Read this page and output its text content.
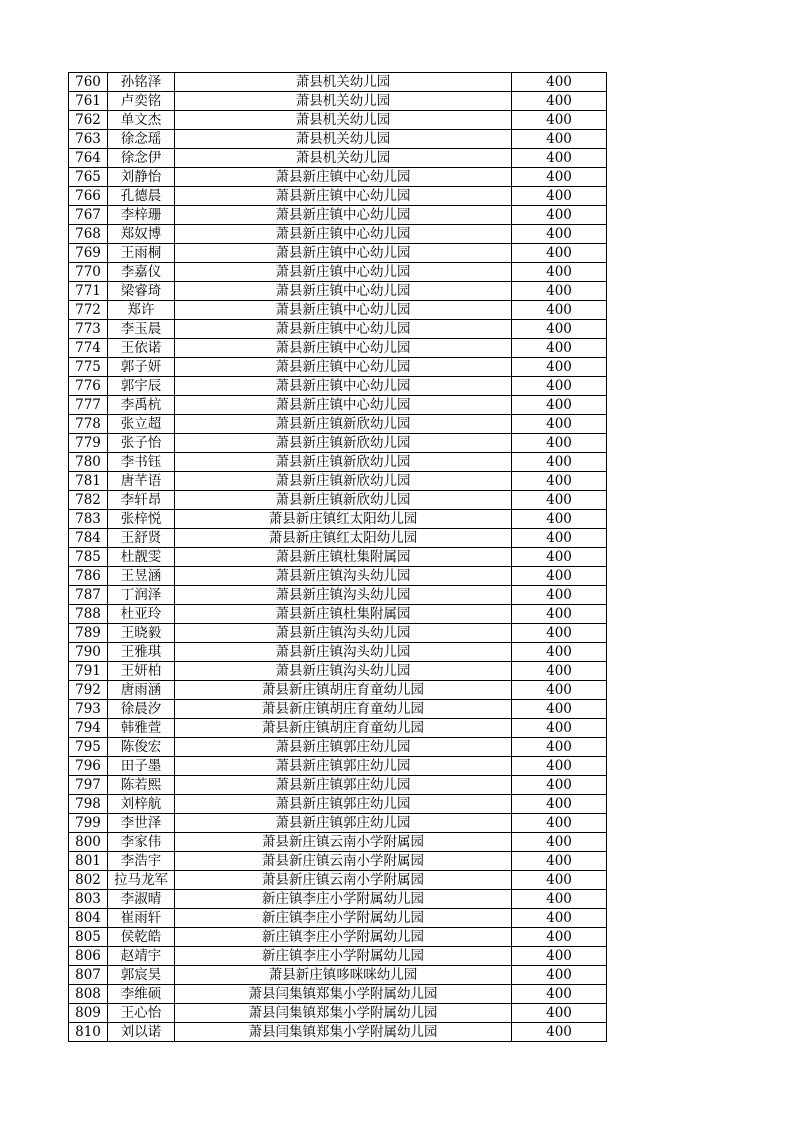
760	孙铭泽	萧县机关幼儿园	400
761	卢奕铭	萧县机关幼儿园	400
762	单文杰	萧县机关幼儿园	400
763	徐念瑶	萧县机关幼儿园	400
764	徐念伊	萧县机关幼儿园	400
765	刘静怡	萧县新庄镇中心幼儿园	400
766	孔德晨	萧县新庄镇中心幼儿园	400
767	李梓珊	萧县新庄镇中心幼儿园	400
768	郑奴博	萧县新庄镇中心幼儿园	400
769	王雨桐	萧县新庄镇中心幼儿园	400
770	李嘉仪	萧县新庄镇中心幼儿园	400
771	梁睿琦	萧县新庄镇中心幼儿园	400
772	郑许	萧县新庄镇中心幼儿园	400
773	李玉晨	萧县新庄镇中心幼儿园	400
774	王依诺	萧县新庄镇中心幼儿园	400
775	郭子妍	萧县新庄镇中心幼儿园	400
776	郭宇辰	萧县新庄镇中心幼儿园	400
777	李禹杭	萧县新庄镇中心幼儿园	400
778	张立超	萧县新庄镇新欣幼儿园	400
779	张子怡	萧县新庄镇新欣幼儿园	400
780	李书钰	萧县新庄镇新欣幼儿园	400
781	唐芊语	萧县新庄镇新欣幼儿园	400
782	李轩昂	萧县新庄镇新欣幼儿园	400
783	张梓悦	萧县新庄镇红太阳幼儿园	400
784	王舒贤	萧县新庄镇红太阳幼儿园	400
785	杜靓雯	萧县新庄镇杜集附属园	400
786	王昱涵	萧县新庄镇沟头幼儿园	400
787	丁润泽	萧县新庄镇沟头幼儿园	400
788	杜亚玲	萧县新庄镇杜集附属园	400
789	王晓毅	萧县新庄镇沟头幼儿园	400
790	王雅琪	萧县新庄镇沟头幼儿园	400
791	王妍柏	萧县新庄镇沟头幼儿园	400
792	唐雨涵	萧县新庄镇胡庄育童幼儿园	400
793	徐晨汐	萧县新庄镇胡庄育童幼儿园	400
794	韩雅萱	萧县新庄镇胡庄育童幼儿园	400
795	陈俊宏	萧县新庄镇郭庄幼儿园	400
796	田子墨	萧县新庄镇郭庄幼儿园	400
797	陈若熙	萧县新庄镇郭庄幼儿园	400
798	刘梓航	萧县新庄镇郭庄幼儿园	400
799	李世泽	萧县新庄镇郭庄幼儿园	400
800	李家伟	萧县新庄镇云南小学附属园	400
801	李浩宇	萧县新庄镇云南小学附属园	400
802	拉马龙军	萧县新庄镇云南小学附属园	400
803	李淑晴	新庄镇李庄小学附属幼儿园	400
804	崔雨轩	新庄镇李庄小学附属幼儿园	400
805	侯乾皓	新庄镇李庄小学附属幼儿园	400
806	赵靖宇	新庄镇李庄小学附属幼儿园	400
807	郭宸昊	萧县新庄镇哆咪咪幼儿园	400
808	李维硕	萧县闫集镇郑集小学附属幼儿园	400
809	王心怡	萧县闫集镇郑集小学附属幼儿园	400
810	刘以诺	萧县闫集镇郑集小学附属幼儿园	400
